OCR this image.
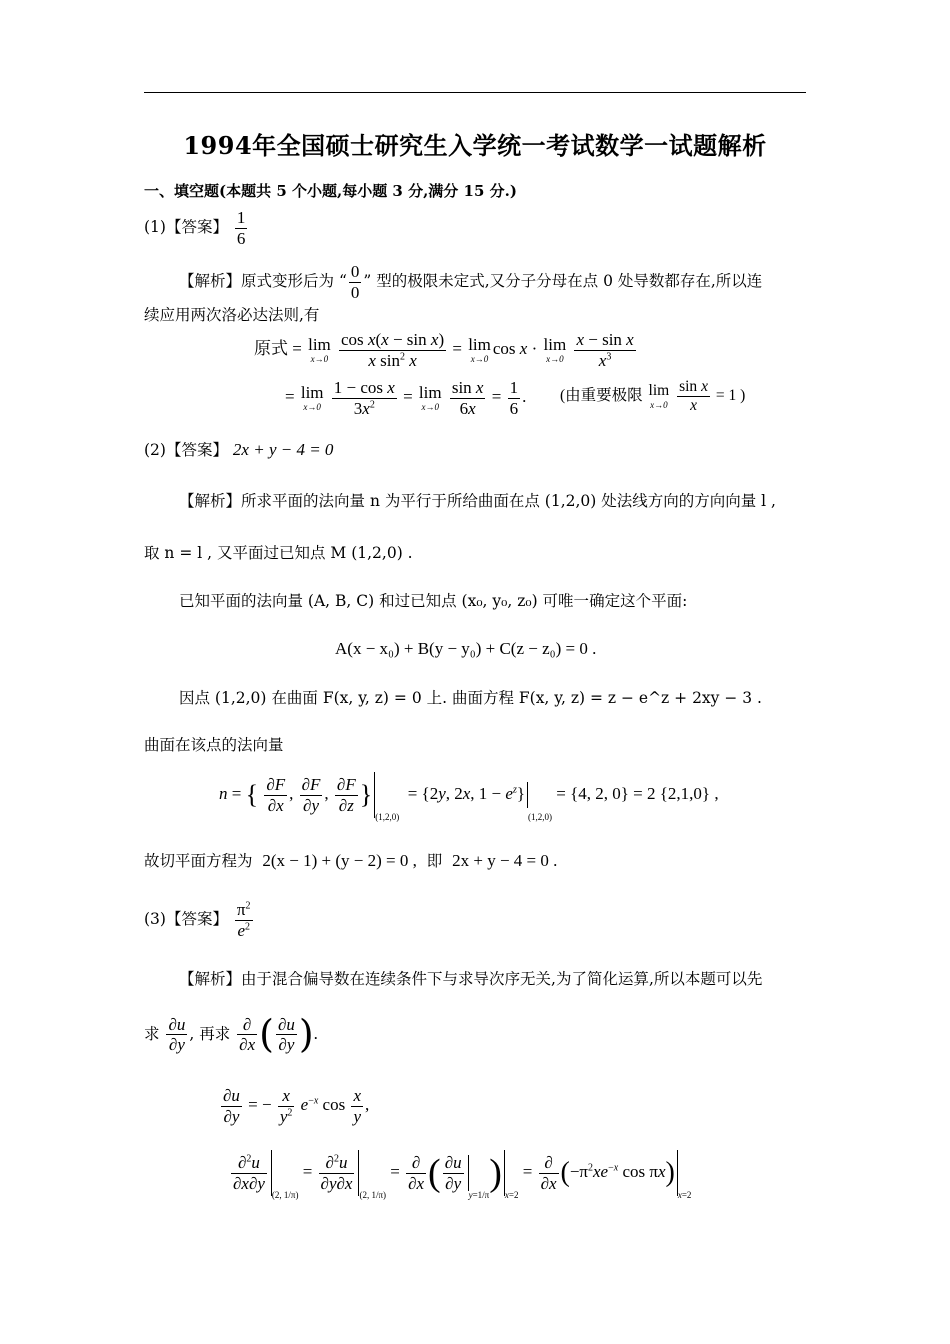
1994年全国硕士研究生入学统一考试数学一试题解析
一、填空题(本题共 5 个小题,每小题 3 分,满分 15 分.)
(1)【答案】 $\frac{1}{6}$
【解析】原式变形后为 “ $\frac{0}{0}$ ” 型的极限未定式,又分子分母在点 0 处导数都存在,所以连
续应用两次洛必达法则,有
原式 = lim
x→0
$\frac{\text{cos x(x − sin x)}}{x \sin^2 x} = \lim$
x→0
cos x · lim
x→0
$\frac{\text{x − sin x}}{x^3}$
= lim
x→0
$\frac{\text{1 − cos x}}{3x^2} = \lim$
x→0
$\frac{\text{sin x}}{6x} = \frac{1}{6}$ . (由重要极限 lim
x→0
$\frac{\text{sin x}}{x} = 1$ )
(2)【答案】 2x + y − 4 = 0
【解析】所求平面的法向量 n 为平行于所给曲面在点 (1,2,0) 处法线方向的方向向量 l ,
取 n = l , 又平面过已知点 M (1,2,0) .
已知平面的法向量 (A, B, C) 和过已知点 (x₀, y₀, z₀) 可唯一确定这个平面:
A(x − x₀) + B(y − y₀) + C(z − z₀) = 0 .
因点 (1,2,0) 在曲面 F(x, y, z) = 0 上. 曲面方程 F(x, y, z) = z − e^z + 2xy − 3 .
曲面在该点的法向量
n = { $\frac{\partial F}{\partial x}$ , $\frac{\partial F}{\partial y}$ , $\frac{\partial F}{\partial z} \}(1,2,0) = \{2y$, 2x, $1 - e^z\}(1,2,0) = \{4$, 2, 0} = 2 {2,1,0} ,
故切平面方程为 2(x − 1) + (y − 2) = 0 , 即 2x + y − 4 = 0 .
(3)【答案】 $\frac{\pi^2}{e^2}$
【解析】由于混合偏导数在连续条件下与求导次序无关,为了简化运算,所以本题可以先
求 $\frac{\partial u}{\partial y}$ , 再求 $\frac{\partial}{\partial x}$ ( $\frac{\partial u}{\partial y}$ ).
$\frac{\partial u}{\partial y}$ = − $\frac{x}{y^2} e^{-x}$ $\cos \frac{x}{y}$ ,
$\frac{\partial^2u}{\partial x\partial y}$
(2, $1/\pi) = \frac{\partial^2u}{\partial y\partial x}$
(2, $1/\pi) = \frac{\partial}{\partial x}$ ( $\frac{\partial u}{\partial y}$
$y=1/\pi)x=2 = \frac{\partial}{\partial x} (-\pi^2xe^{-x}$ cos πx)x=2
